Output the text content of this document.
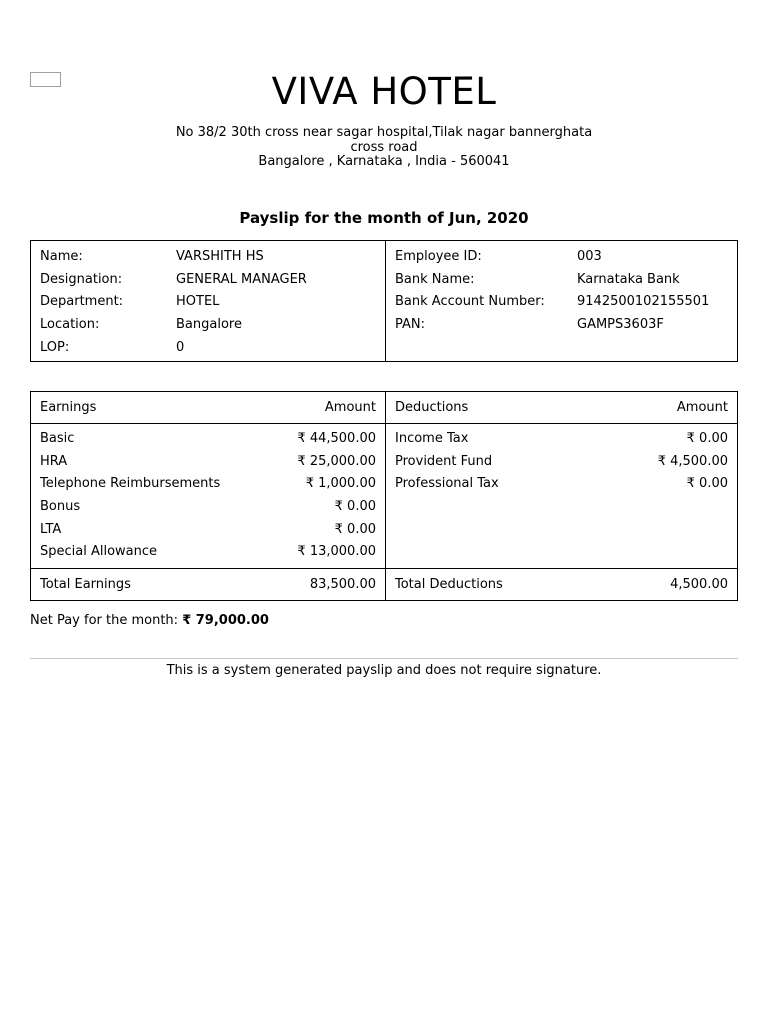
VIVA HOTEL
No 38/2 30th cross near sagar hospital,Tilak nagar bannerghata cross road
Bangalore , Karnataka , India - 560041
Payslip for the month of Jun, 2020
Name:	VARSHITH HS
Designation:	GENERAL MANAGER
Department:	HOTEL
Location:	Bangalore
LOP:	0
Employee ID:	003
Bank Name:	Karnataka Bank
Bank Account Number:	9142500102155501
PAN:	GAMPS3603F
Earnings	Amount
Basic	₹ 44,500.00
HRA	₹ 25,000.00
Telephone Reimbursements	₹ 1,000.00
Bonus	₹ 0.00
LTA	₹ 0.00
Special Allowance	₹ 13,000.00
Total Earnings	83,500.00
Deductions	Amount
Income Tax	₹ 0.00
Provident Fund	₹ 4,500.00
Professional Tax	₹ 0.00
Total Deductions	4,500.00
Net Pay for the month: ₹ 79,000.00
This is a system generated payslip and does not require signature.
